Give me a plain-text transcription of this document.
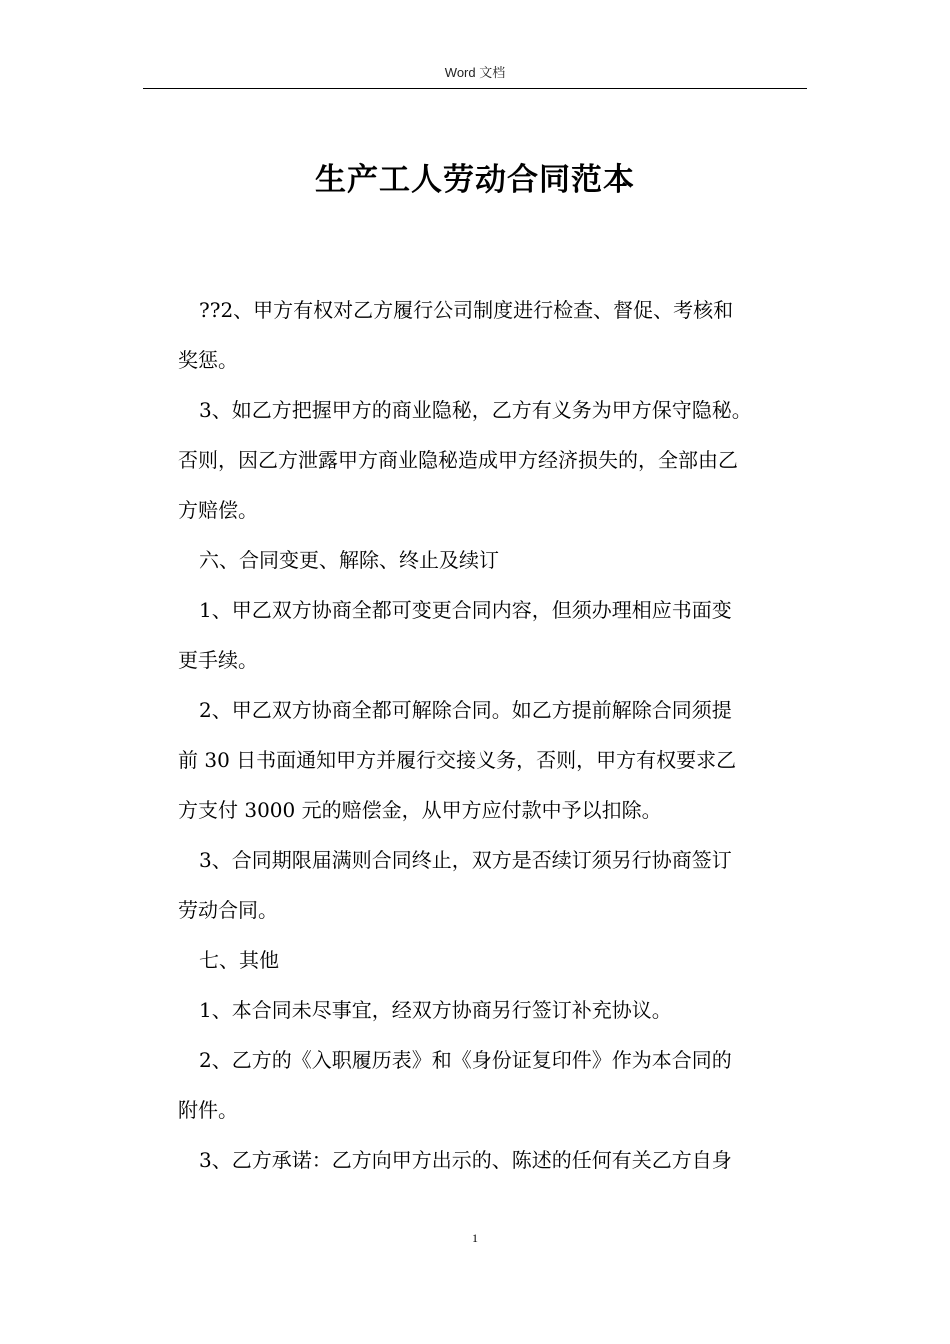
Word 文档
生产工人劳动合同范本

??2、甲方有权对乙方履行公司制度进行检查、督促、考核和
奖惩。

3、如乙方把握甲方的商业隐秘，乙方有义务为甲方保守隐秘。
否则，因乙方泄露甲方商业隐秘造成甲方经济损失的，全部由乙
方赔偿。

六、合同变更、解除、终止及续订

1、甲乙双方协商全都可变更合同内容，但须办理相应书面变
更手续。

2、甲乙双方协商全都可解除合同。如乙方提前解除合同须提
前 30 日书面通知甲方并履行交接义务，否则，甲方有权要求乙
方支付 3000 元的赔偿金，从甲方应付款中予以扣除。

3、合同期限届满则合同终止，双方是否续订须另行协商签订
劳动合同。

七、其他

1、本合同未尽事宜，经双方协商另行签订补充协议。

2、乙方的《入职履历表》和《身份证复印件》作为本合同的
附件。

3、乙方承诺：乙方向甲方出示的、陈述的任何有关乙方自身

1
